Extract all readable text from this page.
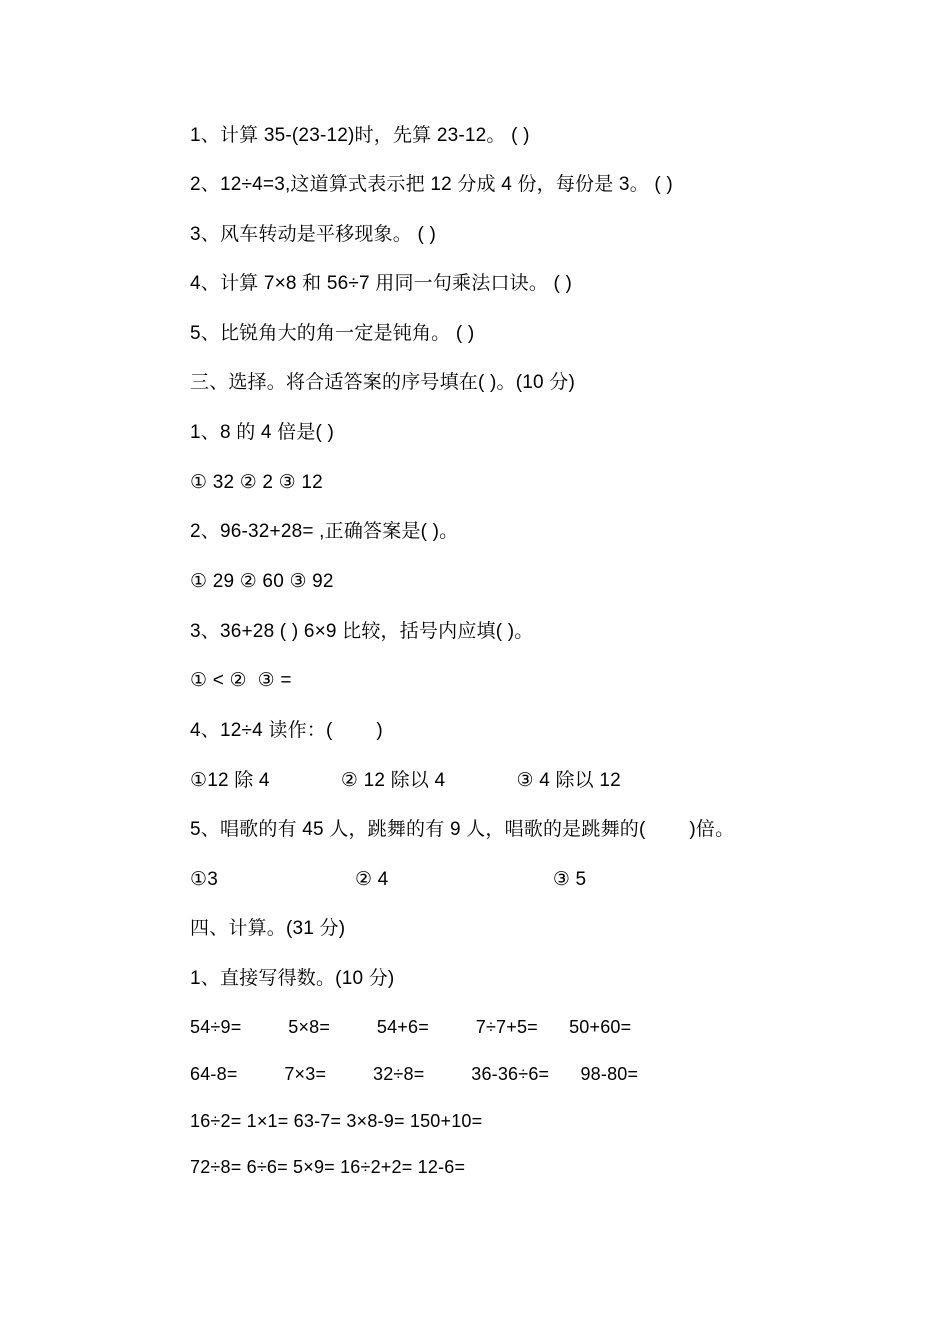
1、计算 35-(23-12)时，先算 23-12。 ( )
2、12÷4=3,这道算式表示把 12 分成 4 份，每份是 3。 ( )
3、风车转动是平移现象。 ( )
4、计算 7×8 和 56÷7 用同一句乘法口诀。 ( )
5、比锐角大的角一定是钝角。 ( )
三、选择。将合适答案的序号填在( )。(10 分)
1、8 的 4 倍是( )
① 32 ② 2 ③ 12
2、96-32+28= ,正确答案是( )。
① 29 ② 60 ③ 92
3、36+28 ( ) 6×9 比较，括号内应填( )。
① < ②  ③ =
4、12÷4 读作：(        )
①12 除 4             ② 12 除以 4             ③ 4 除以 12
5、唱歌的有 45 人，跳舞的有 9 人，唱歌的是跳舞的(        )倍。
①3                         ② 4                              ③ 5
四、计算。(31 分)
1、直接写得数。(10 分)
54÷9=         5×8=         54+6=         7÷7+5=      50+60=
64-8=         7×3=         32÷8=         36-36÷6=      98-80=
16÷2= 1×1= 63-7= 3×8-9= 150+10=
72÷8= 6÷6= 5×9= 16÷2+2= 12-6=
